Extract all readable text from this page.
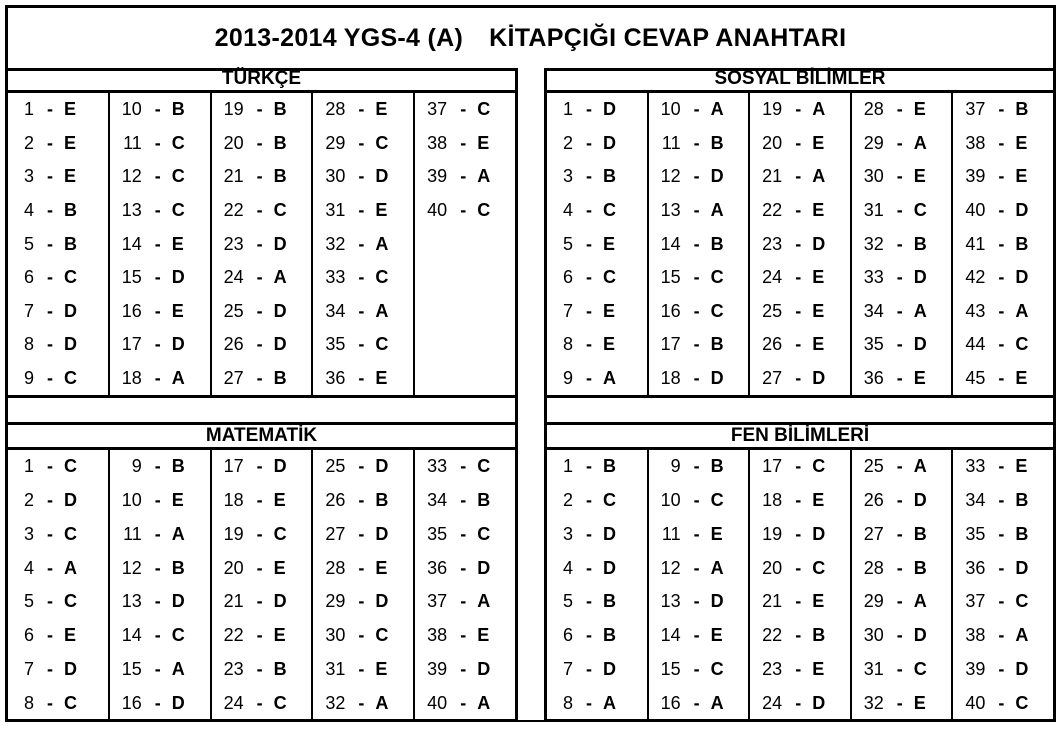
2013-2014 YGS-4 (A) KİTAPÇIĞI CEVAP ANAHTARI
TÜRKÇE
1 - E
2 - E
3 - E
4 - B
5 - B
6 - C
7 - D
8 - D
9 - C
10 - B
11 - C
12 - C
13 - C
14 - E
15 - D
16 - E
17 - D
18 - A
19 - B
20 - B
21 - B
22 - C
23 - D
24 - A
25 - D
26 - D
27 - B
28 - E
29 - C
30 - D
31 - E
32 - A
33 - C
34 - A
35 - C
36 - E
37 - C
38 - E
39 - A
40 - C
SOSYAL BİLİMLER
1 - D
2 - D
3 - B
4 - C
5 - E
6 - C
7 - E
8 - E
9 - A
10 - A
11 - B
12 - D
13 - A
14 - B
15 - C
16 - C
17 - B
18 - D
19 - A
20 - E
21 - A
22 - E
23 - D
24 - E
25 - E
26 - E
27 - D
28 - E
29 - A
30 - E
31 - C
32 - B
33 - D
34 - A
35 - D
36 - E
37 - B
38 - E
39 - E
40 - D
41 - B
42 - D
43 - A
44 - C
45 - E
MATEMATİK
1 - C
2 - D
3 - C
4 - A
5 - C
6 - E
7 - D
8 - C
9 - B
10 - E
11 - A
12 - B
13 - D
14 - C
15 - A
16 - D
17 - D
18 - E
19 - C
20 - E
21 - D
22 - E
23 - B
24 - C
25 - D
26 - B
27 - D
28 - E
29 - D
30 - C
31 - E
32 - A
33 - C
34 - B
35 - C
36 - D
37 - A
38 - E
39 - D
40 - A
FEN BİLİMLERİ
1 - B
2 - C
3 - D
4 - D
5 - B
6 - B
7 - D
8 - A
9 - B
10 - C
11 - E
12 - A
13 - D
14 - E
15 - C
16 - A
17 - C
18 - E
19 - D
20 - C
21 - E
22 - B
23 - E
24 - D
25 - A
26 - D
27 - B
28 - B
29 - A
30 - D
31 - C
32 - E
33 - E
34 - B
35 - B
36 - D
37 - C
38 - A
39 - D
40 - C
